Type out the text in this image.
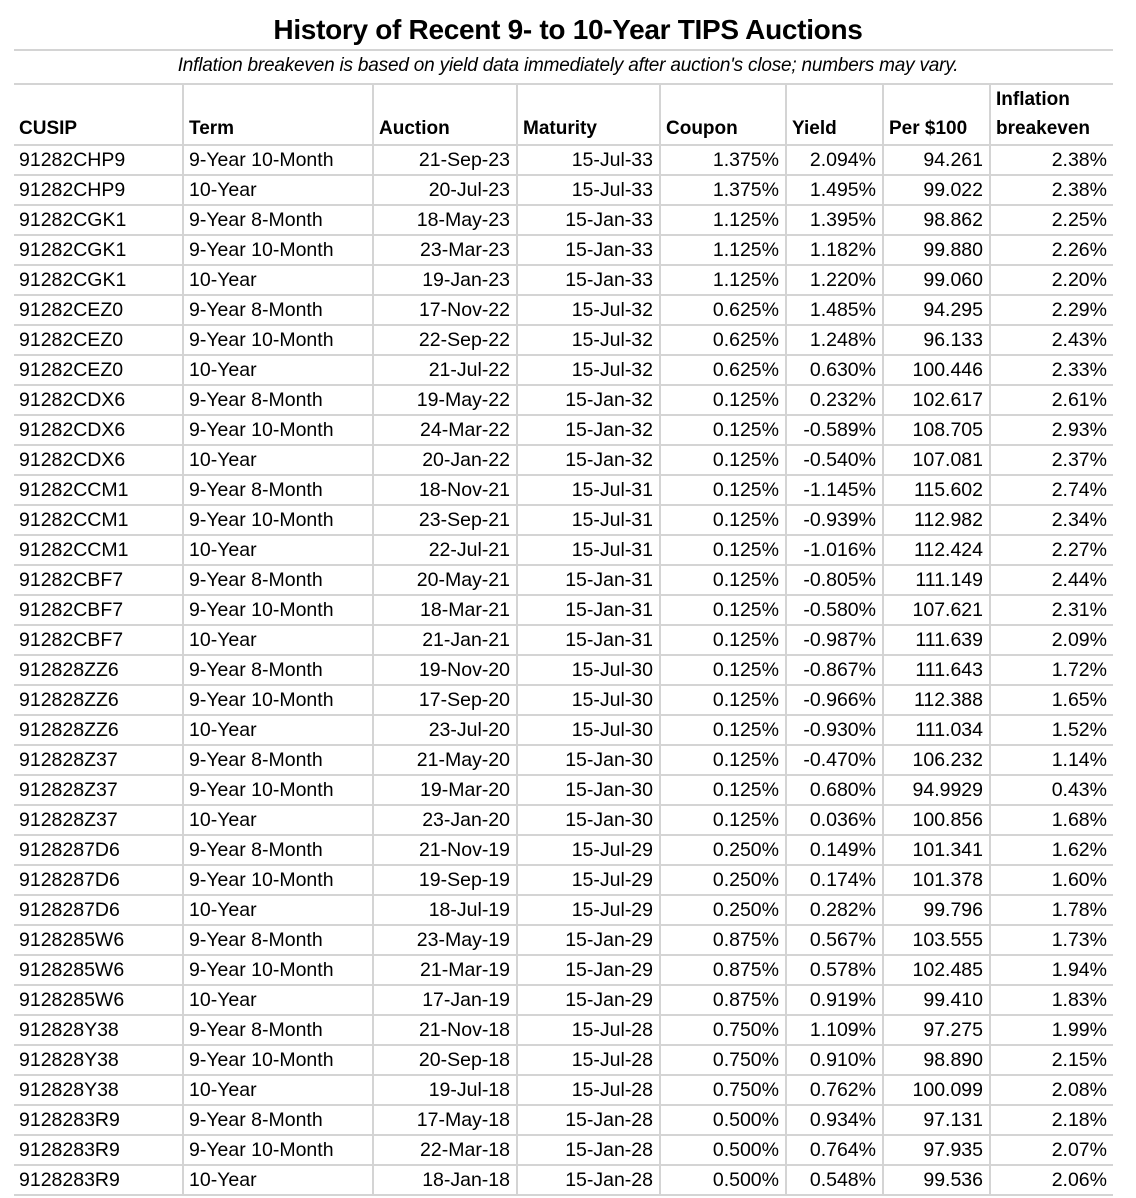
History of Recent 9- to 10-Year TIPS Auctions
Inflation breakeven is based on yield data immediately after auction's close; numbers may vary.
CUSIP	Term	Auction	Maturity	Coupon	Yield	Per $100	Inflation
breakeven
91282CHP9	9-Year 10-Month	21-Sep-23	15-Jul-33	1.375%	2.094%	94.261	2.38%
91282CHP9	10-Year	20-Jul-23	15-Jul-33	1.375%	1.495%	99.022	2.38%
91282CGK1	9-Year 8-Month	18-May-23	15-Jan-33	1.125%	1.395%	98.862	2.25%
91282CGK1	9-Year 10-Month	23-Mar-23	15-Jan-33	1.125%	1.182%	99.880	2.26%
91282CGK1	10-Year	19-Jan-23	15-Jan-33	1.125%	1.220%	99.060	2.20%
91282CEZ0	9-Year 8-Month	17-Nov-22	15-Jul-32	0.625%	1.485%	94.295	2.29%
91282CEZ0	9-Year 10-Month	22-Sep-22	15-Jul-32	0.625%	1.248%	96.133	2.43%
91282CEZ0	10-Year	21-Jul-22	15-Jul-32	0.625%	0.630%	100.446	2.33%
91282CDX6	9-Year 8-Month	19-May-22	15-Jan-32	0.125%	0.232%	102.617	2.61%
91282CDX6	9-Year 10-Month	24-Mar-22	15-Jan-32	0.125%	-0.589%	108.705	2.93%
91282CDX6	10-Year	20-Jan-22	15-Jan-32	0.125%	-0.540%	107.081	2.37%
91282CCM1	9-Year 8-Month	18-Nov-21	15-Jul-31	0.125%	-1.145%	115.602	2.74%
91282CCM1	9-Year 10-Month	23-Sep-21	15-Jul-31	0.125%	-0.939%	112.982	2.34%
91282CCM1	10-Year	22-Jul-21	15-Jul-31	0.125%	-1.016%	112.424	2.27%
91282CBF7	9-Year 8-Month	20-May-21	15-Jan-31	0.125%	-0.805%	111.149	2.44%
91282CBF7	9-Year 10-Month	18-Mar-21	15-Jan-31	0.125%	-0.580%	107.621	2.31%
91282CBF7	10-Year	21-Jan-21	15-Jan-31	0.125%	-0.987%	111.639	2.09%
912828ZZ6	9-Year 8-Month	19-Nov-20	15-Jul-30	0.125%	-0.867%	111.643	1.72%
912828ZZ6	9-Year 10-Month	17-Sep-20	15-Jul-30	0.125%	-0.966%	112.388	1.65%
912828ZZ6	10-Year	23-Jul-20	15-Jul-30	0.125%	-0.930%	111.034	1.52%
912828Z37	9-Year 8-Month	21-May-20	15-Jan-30	0.125%	-0.470%	106.232	1.14%
912828Z37	9-Year 10-Month	19-Mar-20	15-Jan-30	0.125%	0.680%	94.9929	0.43%
912828Z37	10-Year	23-Jan-20	15-Jan-30	0.125%	0.036%	100.856	1.68%
9128287D6	9-Year 8-Month	21-Nov-19	15-Jul-29	0.250%	0.149%	101.341	1.62%
9128287D6	9-Year 10-Month	19-Sep-19	15-Jul-29	0.250%	0.174%	101.378	1.60%
9128287D6	10-Year	18-Jul-19	15-Jul-29	0.250%	0.282%	99.796	1.78%
9128285W6	9-Year 8-Month	23-May-19	15-Jan-29	0.875%	0.567%	103.555	1.73%
9128285W6	9-Year 10-Month	21-Mar-19	15-Jan-29	0.875%	0.578%	102.485	1.94%
9128285W6	10-Year	17-Jan-19	15-Jan-29	0.875%	0.919%	99.410	1.83%
912828Y38	9-Year 8-Month	21-Nov-18	15-Jul-28	0.750%	1.109%	97.275	1.99%
912828Y38	9-Year 10-Month	20-Sep-18	15-Jul-28	0.750%	0.910%	98.890	2.15%
912828Y38	10-Year	19-Jul-18	15-Jul-28	0.750%	0.762%	100.099	2.08%
9128283R9	9-Year 8-Month	17-May-18	15-Jan-28	0.500%	0.934%	97.131	2.18%
9128283R9	9-Year 10-Month	22-Mar-18	15-Jan-28	0.500%	0.764%	97.935	2.07%
9128283R9	10-Year	18-Jan-18	15-Jan-28	0.500%	0.548%	99.536	2.06%
